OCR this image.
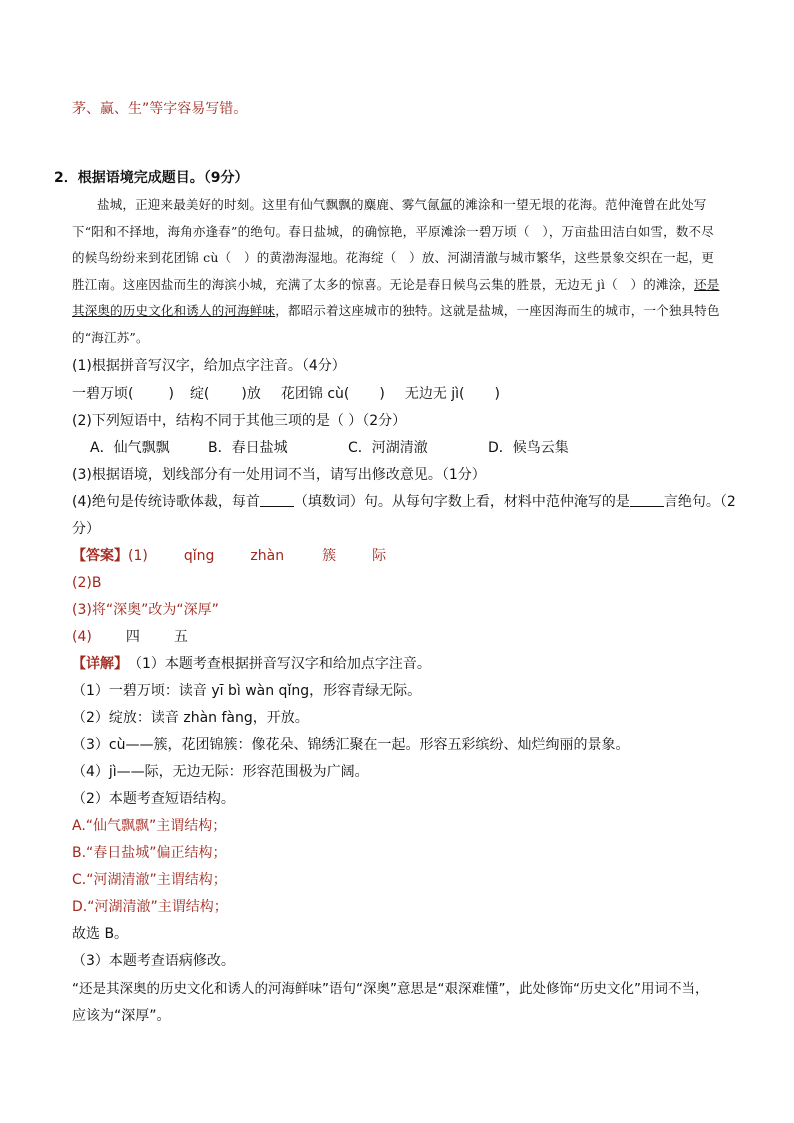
茅、赢、生”等字容易写错。
2．根据语境完成题目。（9分）
盐城，正迎来最美好的时刻。这里有仙气飘飘的麋鹿、雾气氤氲的滩涂和一望无垠的花海。范仲淹曾在此处写下“阳和不择地，海角亦逢春”的绝句。春日盐城，的确惊艳，平原滩涂一碧万顷（　），万亩盐田洁白如雪，数不尽的候鸟纷纷来到花团锦 cù（　）的黄渤海湿地。花海绽（　）放、河湖清澈与城市繁华，这些景象交织在一起，更胜江南。这座因盐而生的海滨小城，充满了太多的惊喜。无论是春日候鸟云集的胜景，无边无 jì（　）的滩涂，还是其深奥的历史文化和诱人的河海鲜味，都昭示着这座城市的独特。这就是盐城，一座因海而生的城市，一个独具特色的“海江苏”。
(1)根据拼音写汉字，给加点字注音。（4分）
一碧万顷(	) 绽( )放 花团锦 cù( ) 无边无 jì( )
(2)下列短语中，结构不同于其他三项的是（ ）（2分）
A．仙气飘飘	B．春日盐城	C．河湖清澈	D．候鸟云集
(3)根据语境，划线部分有一处用词不当，请写出修改意见。（1分）
(4)绝句是传统诗歌体裁，每首 （填数词）句。从每句字数上看，材料中范仲淹写的是 言绝句。（2
分）
【答案】 (1)	qǐng	zhàn	簇	际
(2)B
(3)将“深奥”改为“深厚”
(4) 四 五
【详解】 （1）本题考查根据拼音写汉字和给加点字注音。
（1）一碧万顷：读音 yī bì wàn qǐng，形容青绿无际。
（2）绽放：读音 zhàn fàng，开放。
（3）cù——簇，花团锦簇：像花朵、锦绣汇聚在一起。形容五彩缤纷、灿烂绚丽的景象。
（4）jì——际，无边无际：形容范围极为广阔。
（2）本题考查短语结构。
A.“仙气飘飘”主谓结构；
B.“春日盐城”偏正结构；
C.“河湖清澈”主谓结构；
D.“河湖清澈”主谓结构；
故选 B。
（3）本题考查语病修改。
“还是其深奥的历史文化和诱人的河海鲜味”语句“深奥”意思是“艰深难懂”，此处修饰“历史文化”用词不当，
应该为“深厚”。
